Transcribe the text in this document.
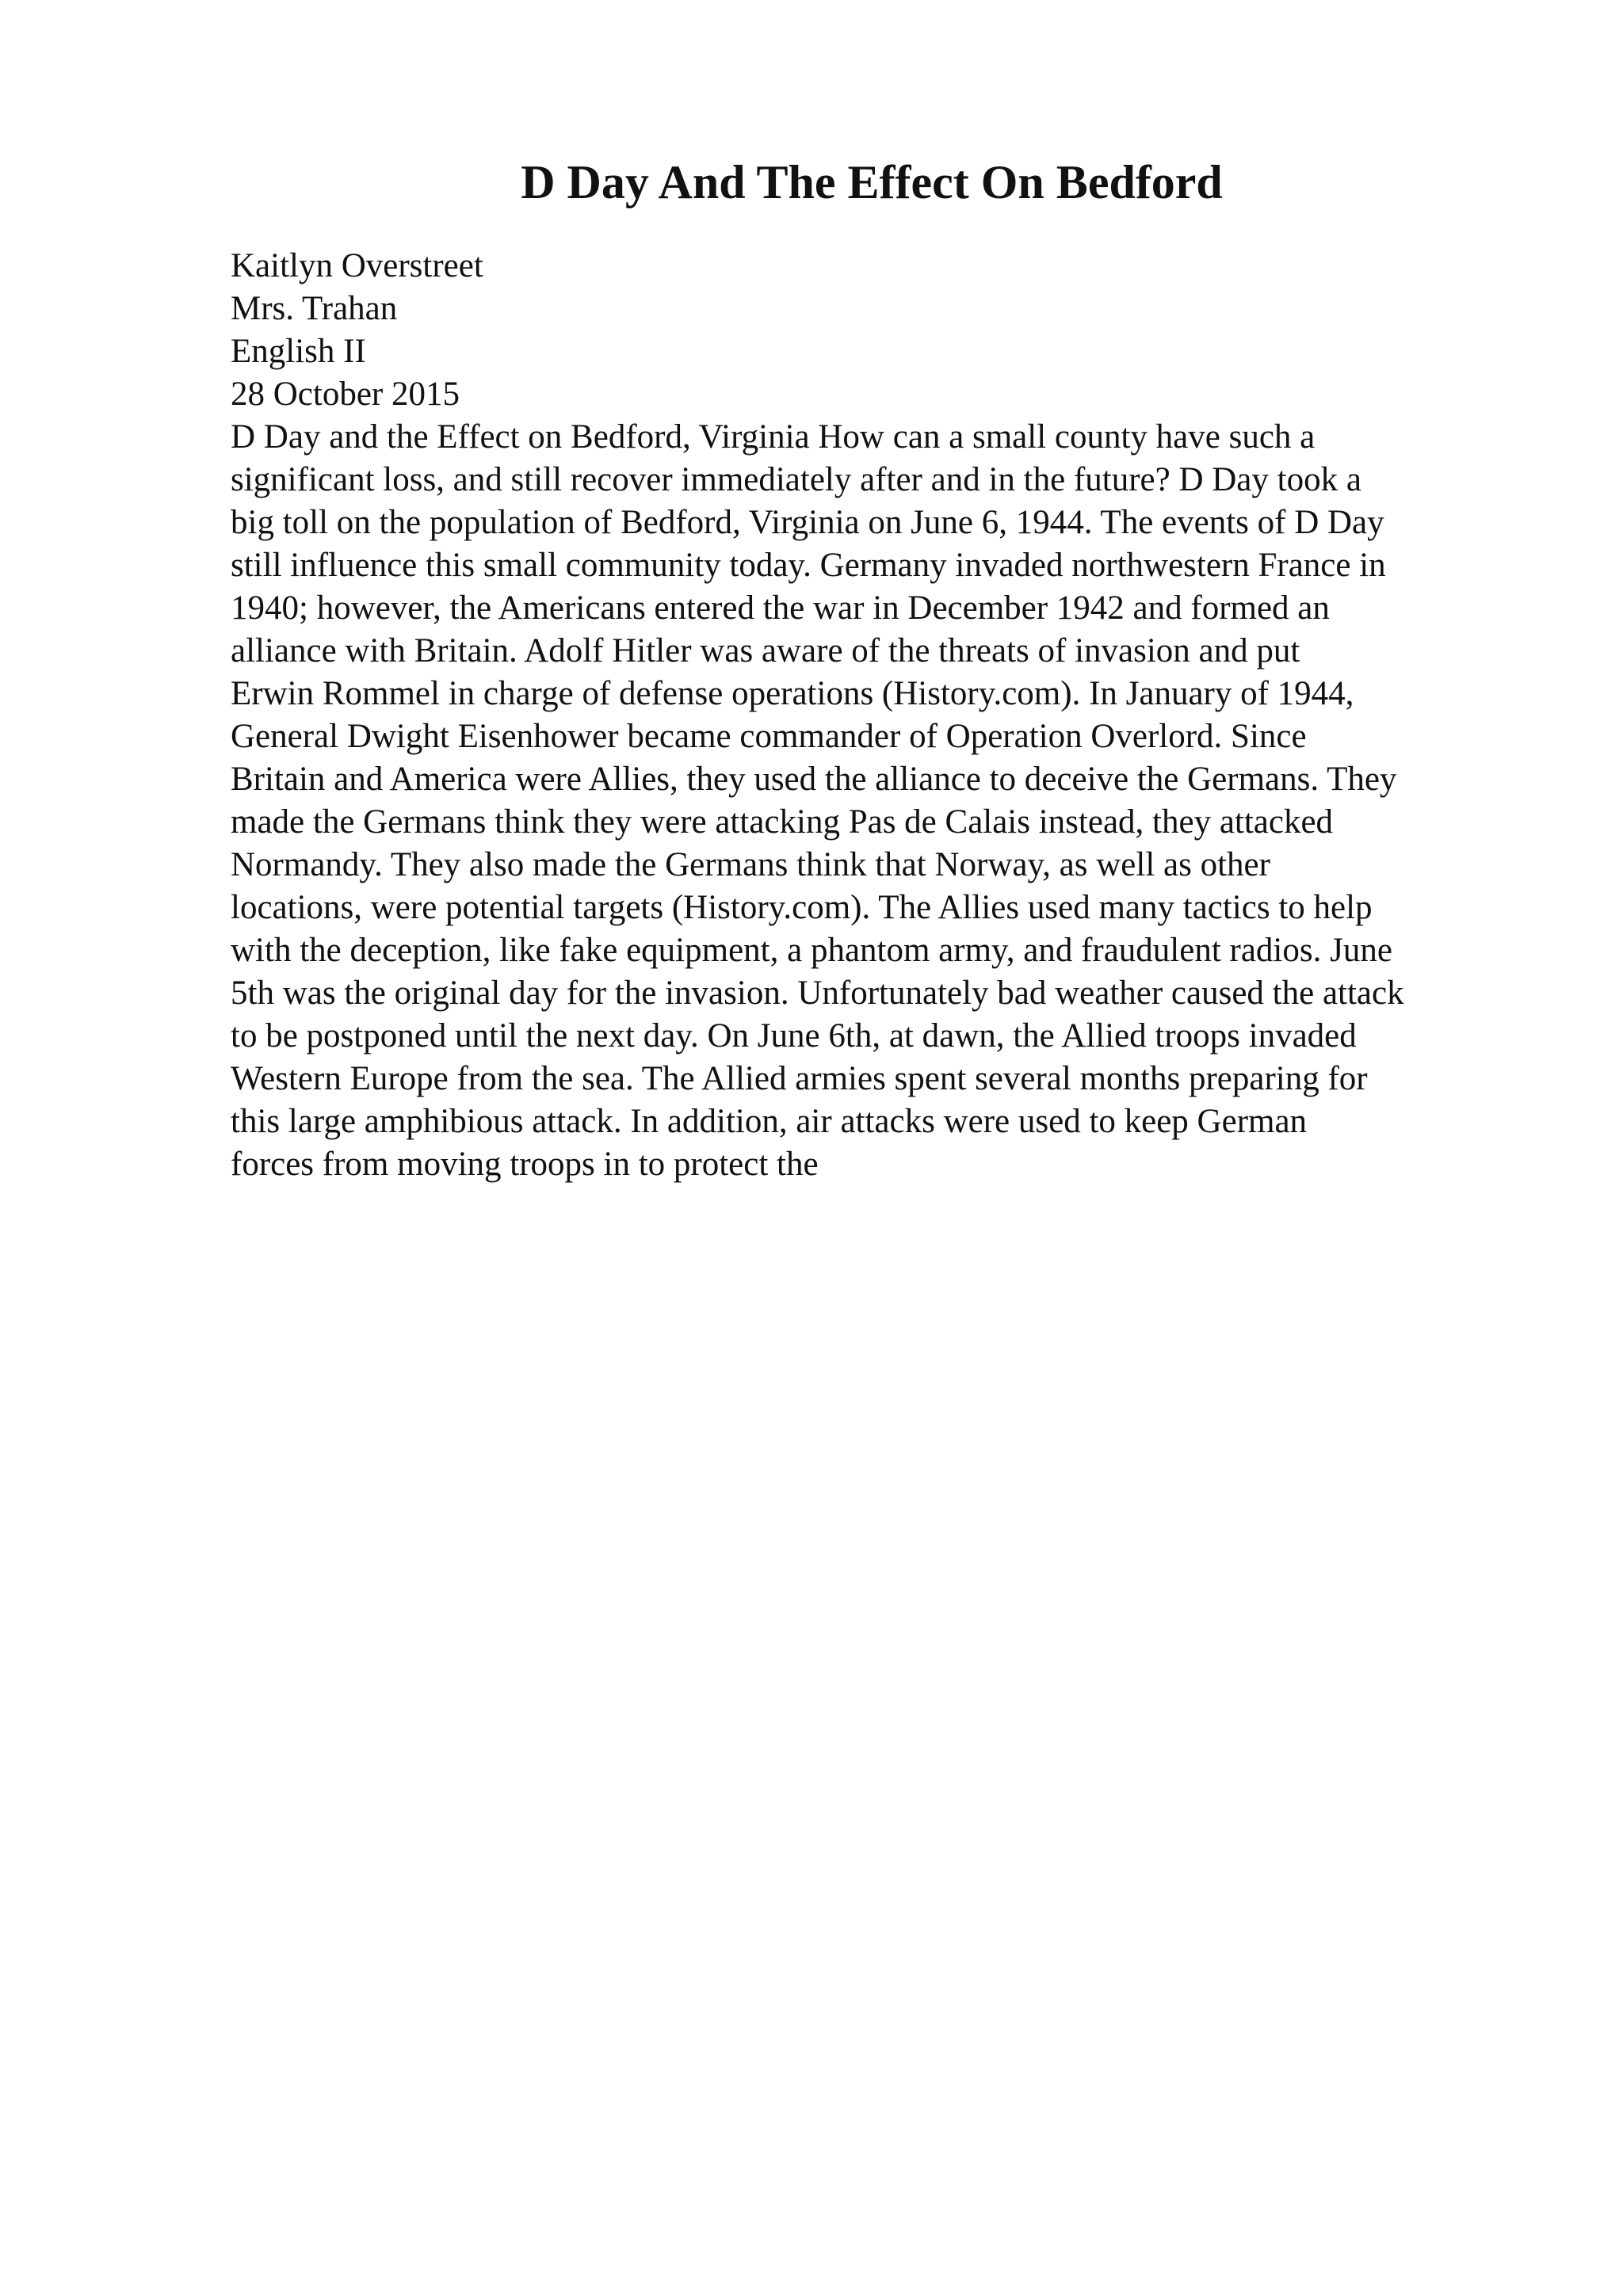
D Day And The Effect On Bedford
Kaitlyn Overstreet
Mrs. Trahan
English II
28 October 2015
D Day and the Effect on Bedford, Virginia How can a small county have such a
significant loss, and still recover immediately after and in the future? D Day took a
big toll on the population of Bedford, Virginia on June 6, 1944. The events of D Day
still influence this small community today. Germany invaded northwestern France in
1940; however, the Americans entered the war in December 1942 and formed an
alliance with Britain. Adolf Hitler was aware of the threats of invasion and put
Erwin Rommel in charge of defense operations (History.com). In January of 1944,
General Dwight Eisenhower became commander of Operation Overlord. Since
Britain and America were Allies, they used the alliance to deceive the Germans. They
made the Germans think they were attacking Pas de Calais instead, they attacked
Normandy. They also made the Germans think that Norway, as well as other
locations, were potential targets (History.com). The Allies used many tactics to help
with the deception, like fake equipment, a phantom army, and fraudulent radios. June
5th was the original day for the invasion. Unfortunately bad weather caused the attack
to be postponed until the next day. On June 6th, at dawn, the Allied troops invaded
Western Europe from the sea. The Allied armies spent several months preparing for
this large amphibious attack. In addition, air attacks were used to keep German
forces from moving troops in to protect the
